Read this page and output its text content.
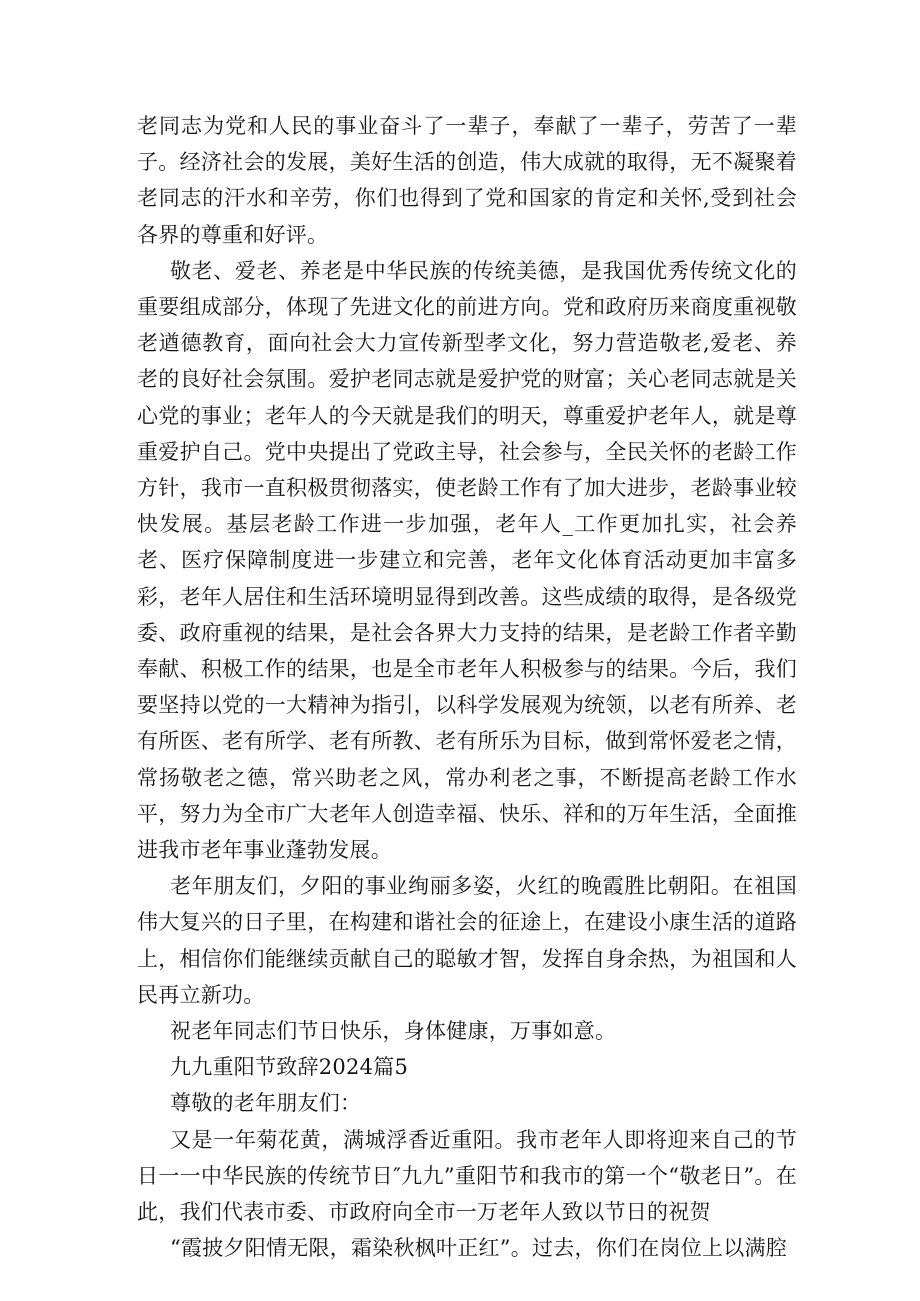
老同志为党和人民的事业奋斗了一辈子，奉献了一辈子，劳苦了一辈子。经济社会的发展，美好生活的创造，伟大成就的取得，无不凝聚着老同志的汗水和辛劳，你们也得到了党和国家的肯定和关怀,受到社会各界的尊重和好评。

敬老、爱老、养老是中华民族的传统美德，是我国优秀传统文化的重要组成部分，体现了先进文化的前进方向。党和政府历来商度重视敬老遒德教育，面向社会大力宣传新型孝文化，努力营造敬老,爱老、养老的良好社会氛围。爱护老同志就是爱护党的财富；关心老同志就是关心党的事业；老年人的今天就是我们的明天，尊重爱护老年人，就是尊重爱护自己。党中央提出了党政主导，社会参与，全民关怀的老龄工作方针，我市一直积极贯彻落实，使老龄工作有了加大进步，老龄事业较快发展。基层老龄工作进一步加强，老年人_工作更加扎实，社会养老、医疗保障制度进一步建立和完善，老年文化体育活动更加丰富多彩，老年人居住和生活环境明显得到改善。这些成绩的取得，是各级党委、政府重视的结果，是社会各界大力支持的结果，是老龄工作者辛勤奉献、积极工作的结果，也是全市老年人积极参与的结果。今后，我们要坚持以党的一大精神为指引，以科学发展观为统领，以老有所养、老有所医、老有所学、老有所教、老有所乐为目标，做到常怀爱老之情，常扬敬老之德，常兴助老之风，常办利老之事，不断提高老龄工作水平，努力为全市广大老年人创造幸福、快乐、祥和的万年生活，全面推进我市老年事业蓬勃发展。

老年朋友们，夕阳的事业绚丽多姿，火红的晚霞胜比朝阳。在祖国伟大复兴的日子里，在构建和谐社会的征途上，在建设小康生活的道路上，相信你们能继续贡献自己的聪敏才智，发挥自身余热，为祖国和人民再立新功。

祝老年同志们节日快乐，身体健康，万事如意。

九九重阳节致辞2024篇5

尊敬的老年朋友们：

又是一年菊花黄，满城浮香近重阳。我市老年人即将迎来自己的节日一一中华民族的传统节日″九九”重阳节和我市的第一个“敬老日”。在此，我们代表市委、市政府向全市一万老年人致以节日的祝贺

“霞披夕阳情无限，霜染秋枫叶正红”。过去，你们在岗位上以满腔
